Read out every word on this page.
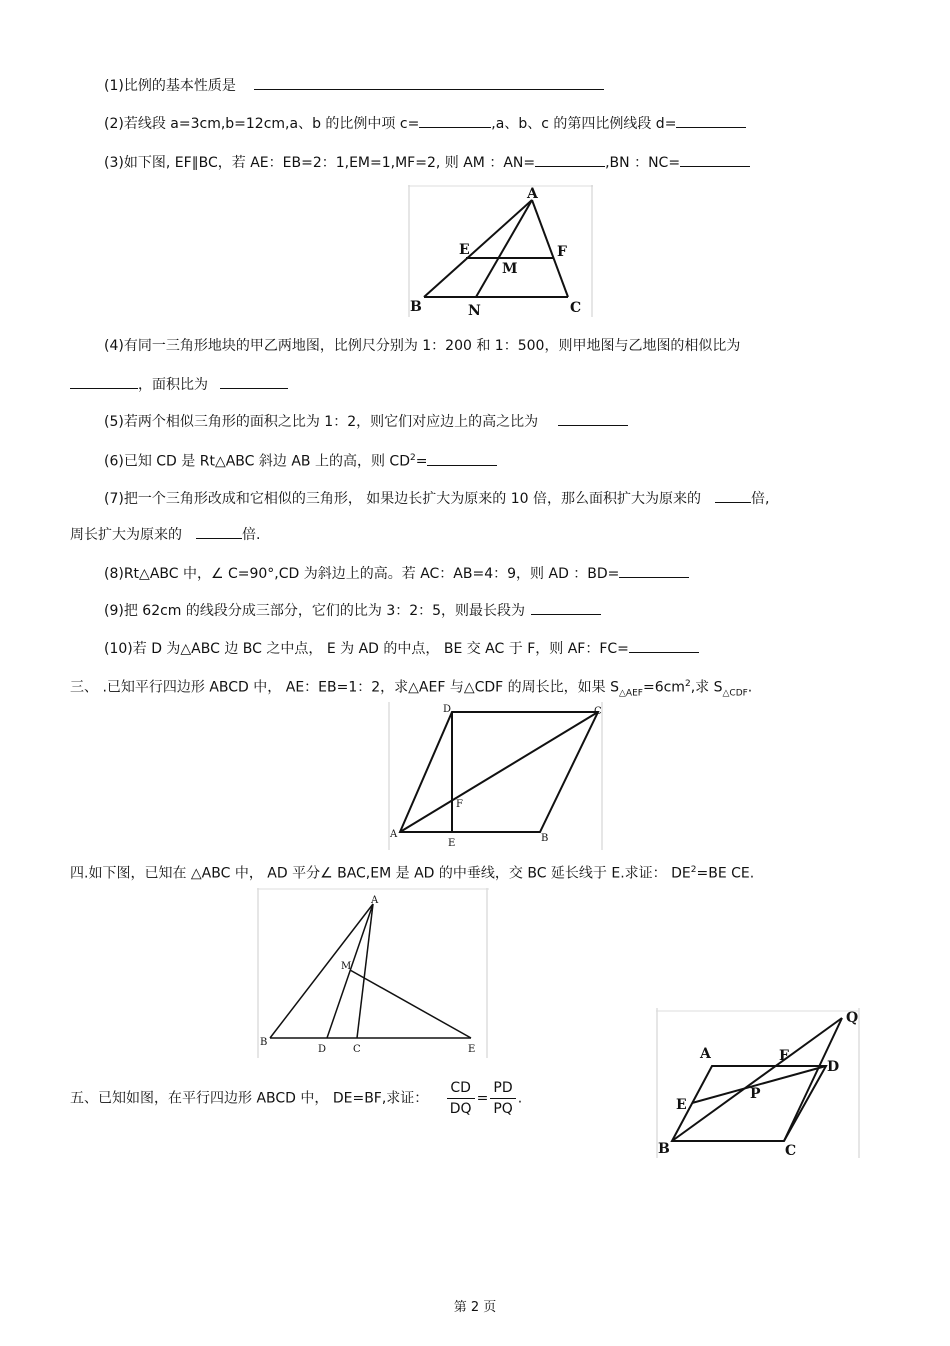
(1)比例的基本性质是
(2)若线段 a=3cm,b=12cm,a、b 的比例中项 c=	,a、b、c 的第四比例线段 d=
(3)如下图, EF∥BC，若 AE：EB=2：1,EM=1,MF=2, 则 AM ：AN=	,BN ：NC=
A
E	F
M
B	N	C
(4)有同一三角形地块的甲乙两地图，比例尺分别为 1：200 和 1：500，则甲地图与乙地图的相似比为
，面积比为
(5)若两个相似三角形的面积之比为 1：2，则它们对应边上的高之比为
(6)已知 CD 是 Rt△ABC 斜边 AB 上的高，则 $CD^2=$
(7)把一个三角形改成和它相似的三角形， 如果边长扩大为原来的 10 倍，那么面积扩大为原来的	倍,
周长扩大为原来的	倍.
(8)Rt△ABC 中，∠ C=90°,CD 为斜边上的高。若 AC：AB=4：9，则 AD ：BD=
(9)把 62cm 的线段分成三部分，它们的比为 3：2：5，则最长段为
(10)若 D 为△ABC 边 BC 之中点， E 为 AD 的中点， BE 交 AC 于 F，则 AF：FC=
三、 .已知平行四边形 ABCD 中， AE：EB=1：2，求△AEF 与△CDF 的周长比，如果 $S_{\triangle AEF}=6cm^2$,求 $S_{\triangle CDF}$.
D	C
F
A
E	B
四.如下图，已知在 △ABC 中， AD 平分∠ BAC,EM 是 AD 的中垂线，交 BC 延长线于 E.求证： $DE^2=BE$ CE.
A
M
B
D	C	E
Q
A	F
D
P
E
B	C
五、已知如图，在平行四边形 ABCD 中， DE=BF,求证： $\frac{CD}{DQ} = \frac{PD}{PQ}$ .
第 2 页
